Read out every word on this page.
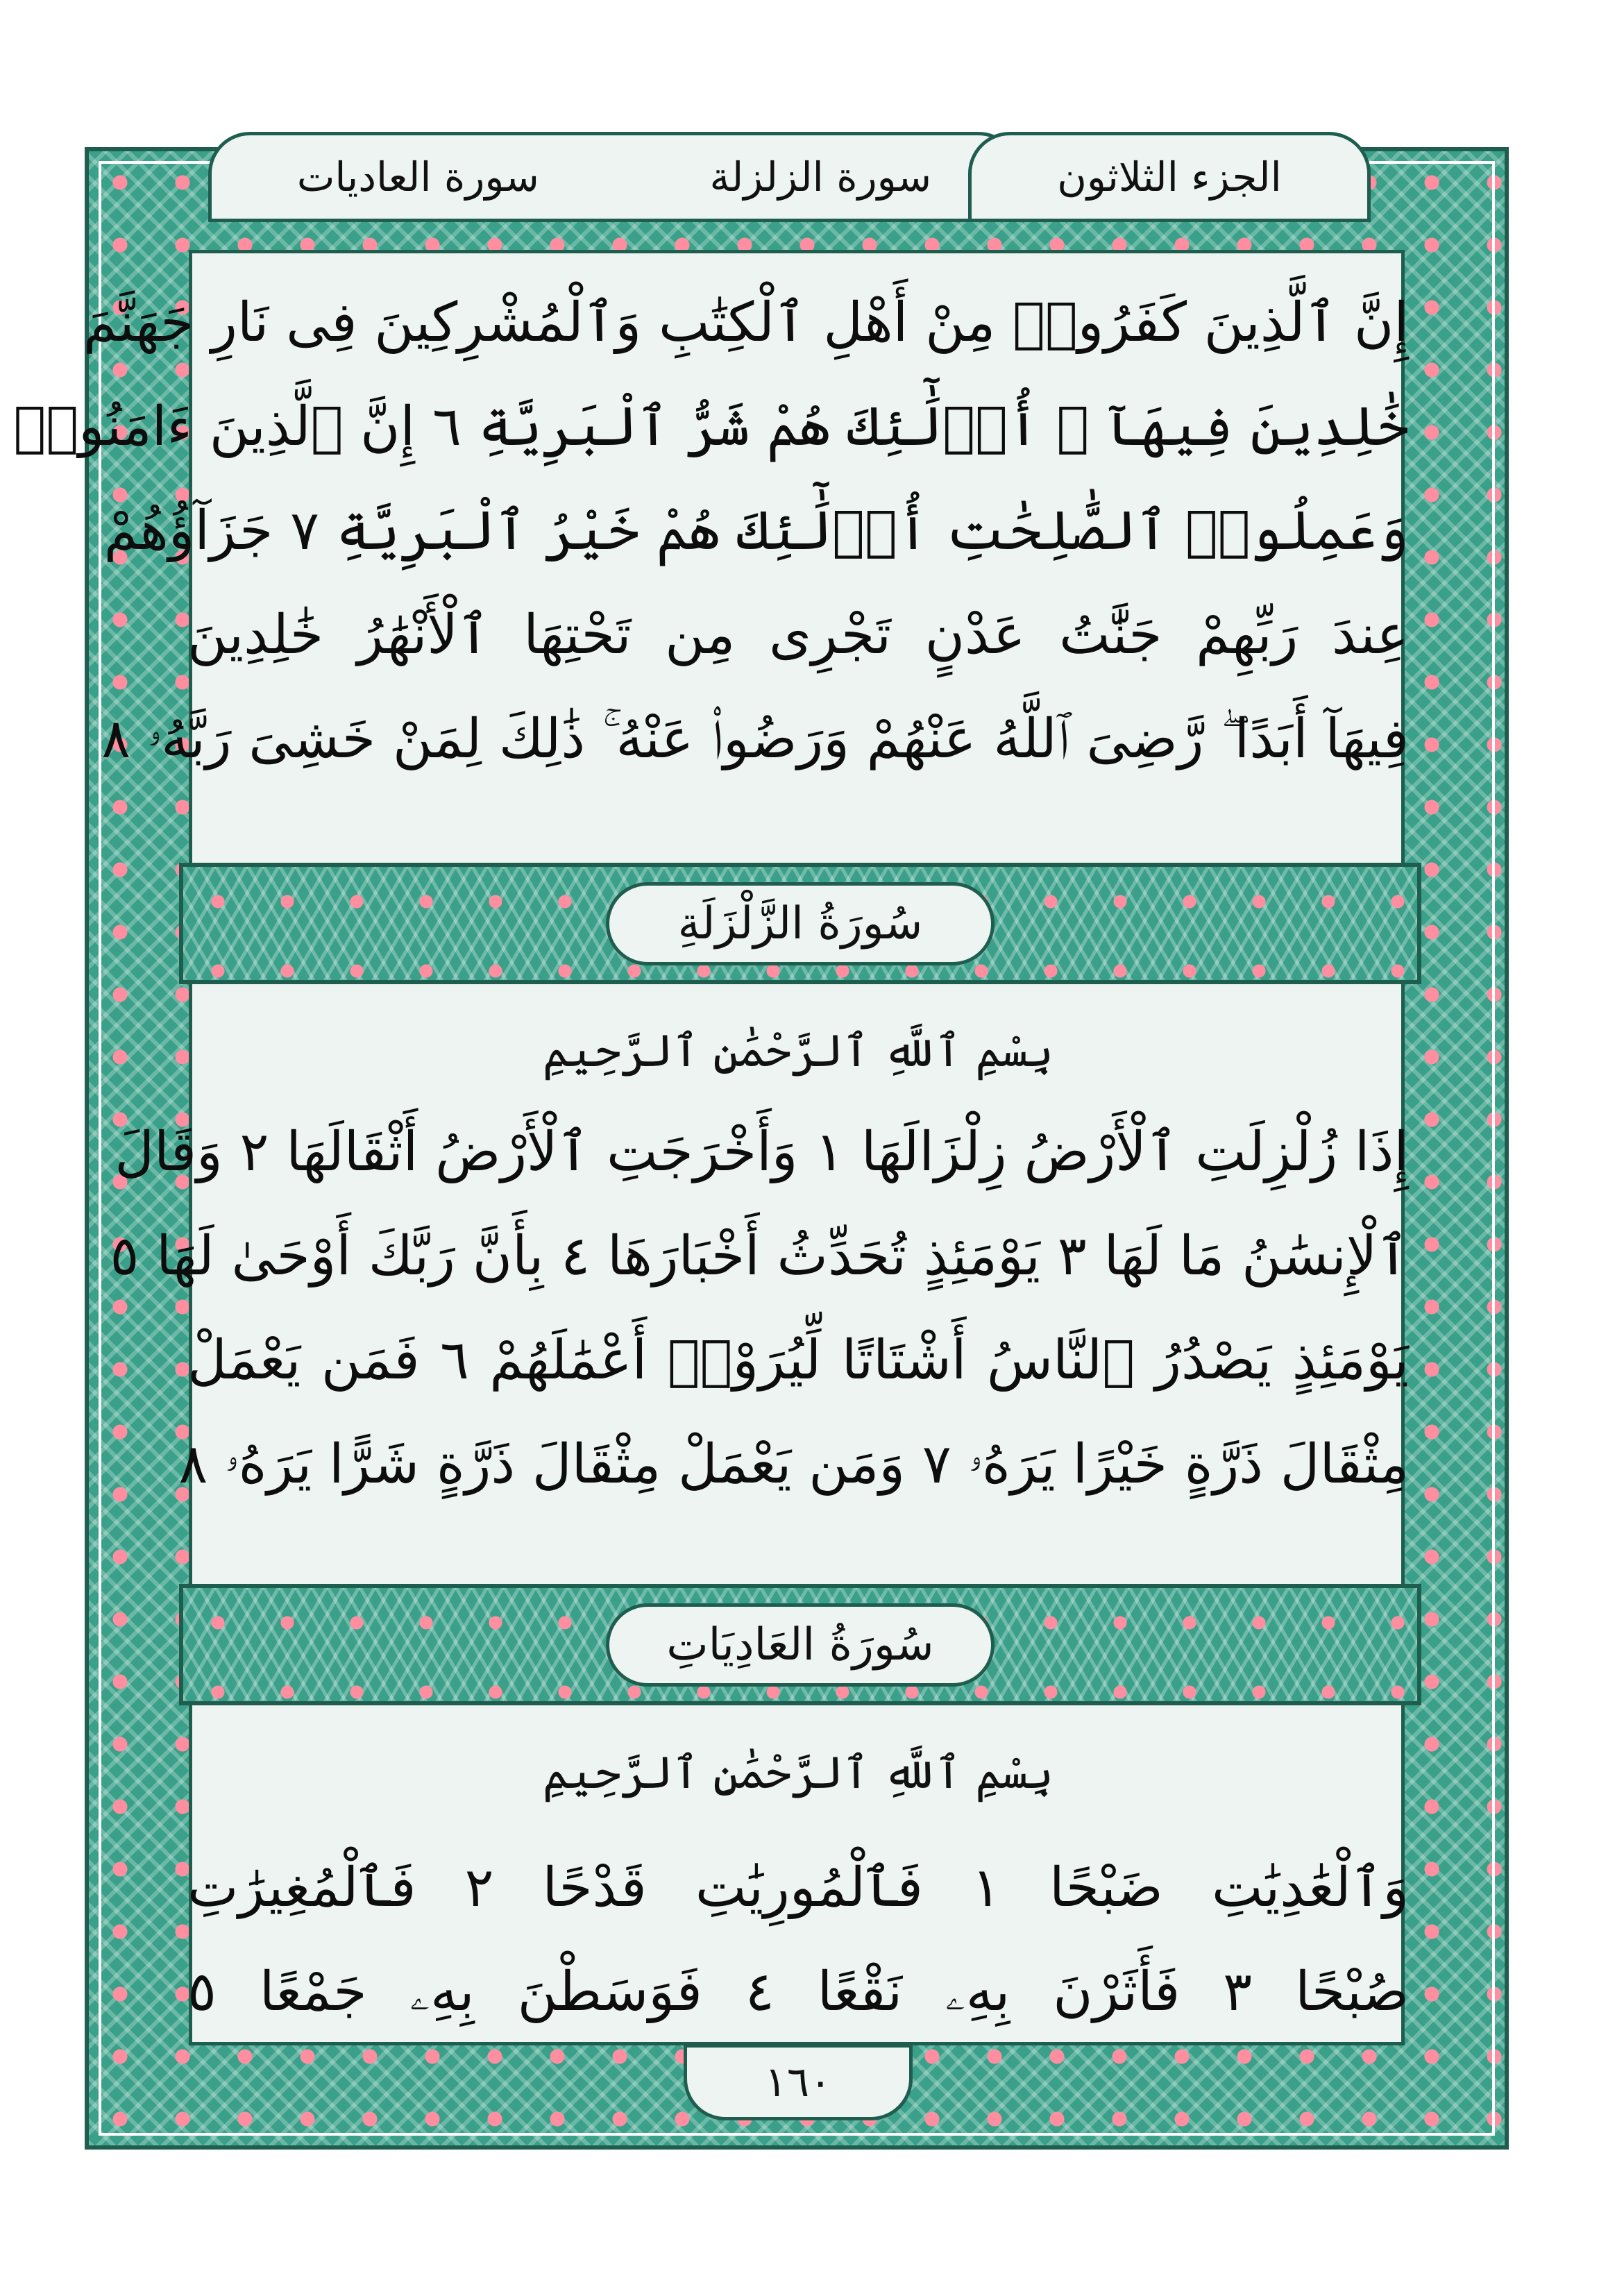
سورة العاديات	سورة الزلزلة	الجزء الثلاثون
إِنَّ ٱلَّذِينَ كَفَرُوا۟ مِنْ أَهْلِ ٱلْكِتَٰبِ وَٱلْمُشْرِكِينَ فِى نَارِ جَهَنَّمَ
خَٰلِدِينَ فِيهَآ ۚ أُو۟لَٰٓئِكَ هُمْ شَرُّ ٱلْبَرِيَّةِ ٦ إِنَّ ٱلَّذِينَ ءَامَنُوا۟
وَعَمِلُوا۟ ٱلصَّٰلِحَٰتِ أُو۟لَٰٓئِكَ هُمْ خَيْرُ ٱلْبَرِيَّةِ ٧ جَزَآؤُهُمْ
عِندَ رَبِّهِمْ جَنَّٰتُ عَدْنٍ تَجْرِى مِن تَحْتِهَا ٱلْأَنْهَٰرُ خَٰلِدِينَ
فِيهَآ أَبَدًا ۖ رَّضِىَ ٱللَّهُ عَنْهُمْ وَرَضُوا۟ عَنْهُ ۚ ذَٰلِكَ لِمَنْ خَشِىَ رَبَّهُۥ ٨
سُورَةُ الزَّلْزَلَةِ
بِسْمِ ٱللَّهِ ٱلرَّحْمَٰنِ ٱلرَّحِيمِ
إِذَا زُلْزِلَتِ ٱلْأَرْضُ زِلْزَالَهَا ١ وَأَخْرَجَتِ ٱلْأَرْضُ أَثْقَالَهَا ٢ وَقَالَ
ٱلْإِنسَٰنُ مَا لَهَا ٣ يَوْمَئِذٍ تُحَدِّثُ أَخْبَارَهَا ٤ بِأَنَّ رَبَّكَ أَوْحَىٰ لَهَا ٥
يَوْمَئِذٍ يَصْدُرُ ٱلنَّاسُ أَشْتَاتًا لِّيُرَوْا۟ أَعْمَٰلَهُمْ ٦ فَمَن يَعْمَلْ
مِثْقَالَ ذَرَّةٍ خَيْرًا يَرَهُۥ ٧ وَمَن يَعْمَلْ مِثْقَالَ ذَرَّةٍ شَرًّا يَرَهُۥ ٨
سُورَةُ العَادِيَاتِ
بِسْمِ ٱللَّهِ ٱلرَّحْمَٰنِ ٱلرَّحِيمِ
وَٱلْعَٰدِيَٰتِ ضَبْحًا ١ فَٱلْمُورِيَٰتِ قَدْحًا ٢ فَٱلْمُغِيرَٰتِ
صُبْحًا ٣ فَأَثَرْنَ بِهِۦ نَقْعًا ٤ فَوَسَطْنَ بِهِۦ جَمْعًا ٥
١٦٠
